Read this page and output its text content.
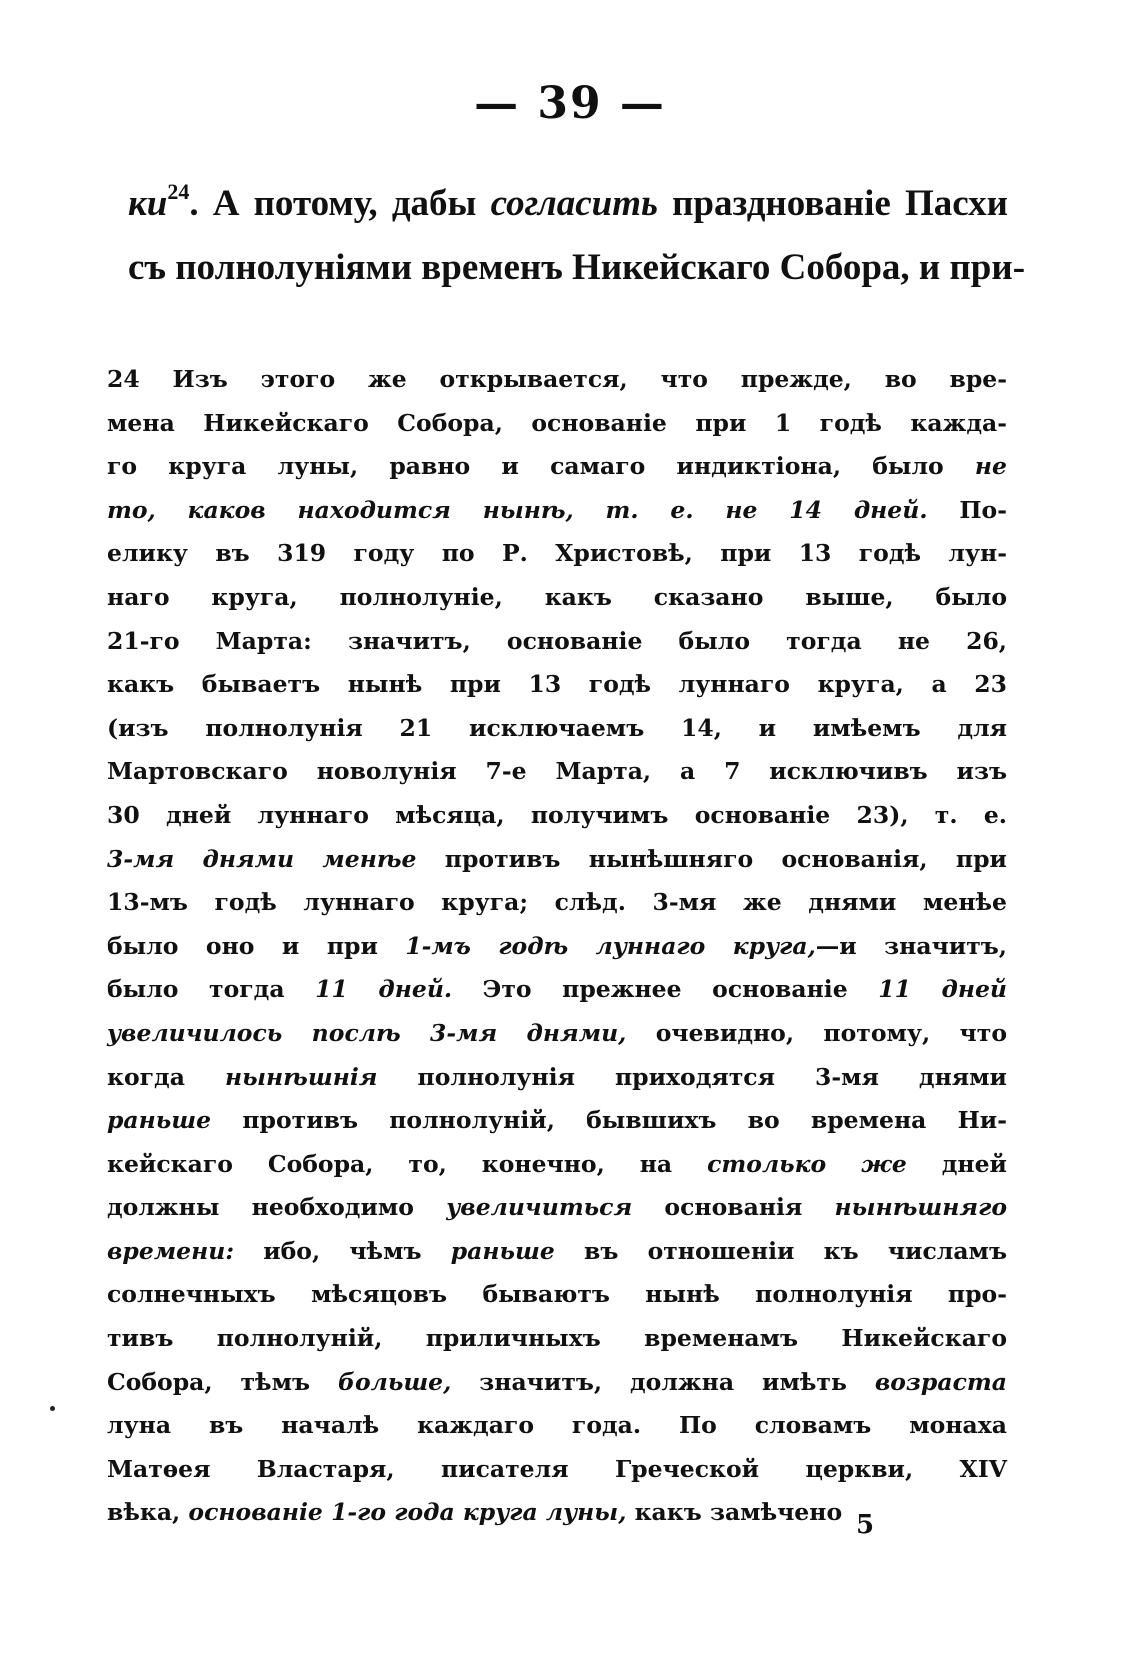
— 39 —
$ки^{24}$. А потому, дабы согласить празднованіе Пасхи
съ полнолуніями временъ Никейскаго Собора, и при-
24 Изъ этого же открывается, что прежде, во вре-
мена Никейскаго Собора, основаніе при 1 годѣ кажда-
го круга луны, равно и самаго индиктіона, было не
то, каков находится нынѣ, т. е. не 14 дней. По-
елику въ 319 году по Р. Христовѣ, при 13 годѣ лун-
наго круга, полнолуніе, какъ сказано выше, было
21-го Марта: значитъ, основаніе было тогда не 26,
какъ бываетъ нынѣ при 13 годѣ луннаго круга, а 23
(изъ полнолунія 21 исключаемъ 14, и имѣемъ для
Мартовскаго новолунія 7-е Марта, а 7 исключивъ изъ
30 дней луннаго мѣсяца, получимъ основаніе 23), т. е.
3-мя днями менѣе противъ нынѣшняго основанія, при
13-мъ годѣ луннаго круга; слѣд. 3-мя же днями менѣе
было оно и при 1-мъ годѣ луннаго круга,—и значитъ,
было тогда 11 дней. Это прежнее основаніе 11 дней
увеличилось послѣ 3-мя днями, очевидно, потому, что
когда нынѣшнія полнолунія приходятся 3-мя днями
раньше противъ полнолуній, бывшихъ во времена Ни-
кейскаго Собора, то, конечно, на столько же дней
должны необходимо увеличиться основанія нынѣшняго
времени: ибо, чѣмъ раньше въ отношеніи къ числамъ
солнечныхъ мѣсяцовъ бываютъ нынѣ полнолунія про-
тивъ полнолуній, приличныхъ временамъ Никейскаго
Собора, тѣмъ больше, значитъ, должна имѣть возраста
луна въ началѣ каждаго года. По словамъ монаха
Матѳея Властаря, писателя Греческой церкви, XIV
вѣка, основаніе 1-го года круга луны, какъ замѣчено 5
